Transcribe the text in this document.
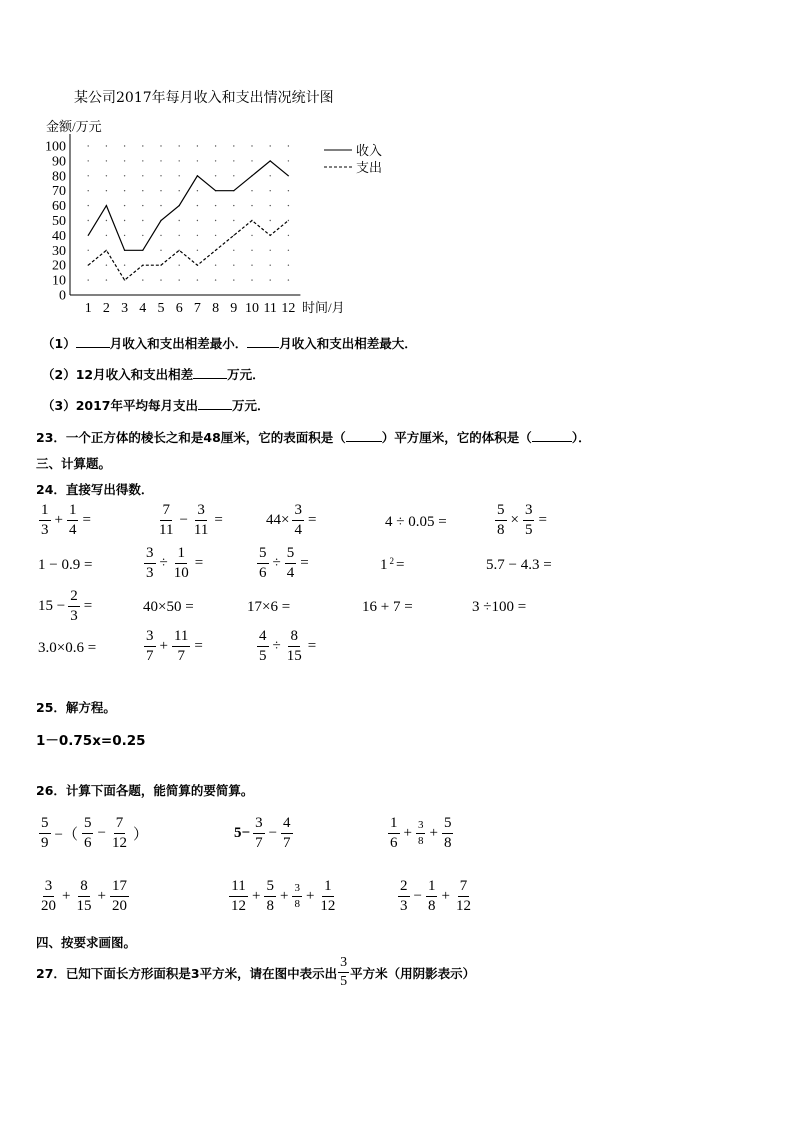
某公司2017年每月收入和支出情况统计图
金额/万元
时间/月
0
10
20
30
40
50
60
70
80
90
100
1 2 3 4 5 6 7 8 9 10 11 12
收入
支出
（1）	月收入和支出相差最小．	月收入和支出相差最大．
（2）12月收入和支出相差	万元．
（3）2017年平均每月支出	万元．
23．一个正方体的棱长之和是48厘米，它的表面积是（	）平方厘米，它的体积是（	）．
三、计算题。
24．直接写出得数．
$\frac{1}{3} + \frac{1}{4}$ =	$\frac{7}{11} - \frac{3}{11}$ =	$44\times \frac{3}{4}$ =	4 ÷ 0.05 =	$\frac{5}{8} \times \frac{3}{5}$ =
1 − 0.9 =	$\frac{3}{3} \div \frac{1}{10}$ =	$\frac{5}{6} \div \frac{5}{4}$ =	$1^2$ =	5.7 − 4.3 =
$15 - \frac{2}{3}$ =	40×50 =	17×6 =	16 + 7 =	3 ÷100 =
3.0×0.6 =	$\frac{3}{7} + \frac{11}{7}$ =	$\frac{4}{5} \div \frac{8}{15}$ =
25．解方程。
1－0.75x=0.25
26．计算下面各题，能简算的要简算。
$\frac{5}{9}$ −（ $\frac{5}{6} - \frac{7}{12}$ ）	$5- \frac{3}{7} - \frac{4}{7}$	$\frac{1}{6} + \frac{3}{8} + \frac{5}{8}$
$\frac{3}{20} + \frac{8}{15} + \frac{17}{20}$	$\frac{11}{12} + \frac{5}{8} + \frac{3}{8} + \frac{1}{12}$	$\frac{2}{3} - \frac{1}{8} + \frac{7}{12}$
四、按要求画图。
27．已知下面长方形面积是3平方米，请在图中表示出 $\frac{3}{5}$ 平方米（用阴影表示）
